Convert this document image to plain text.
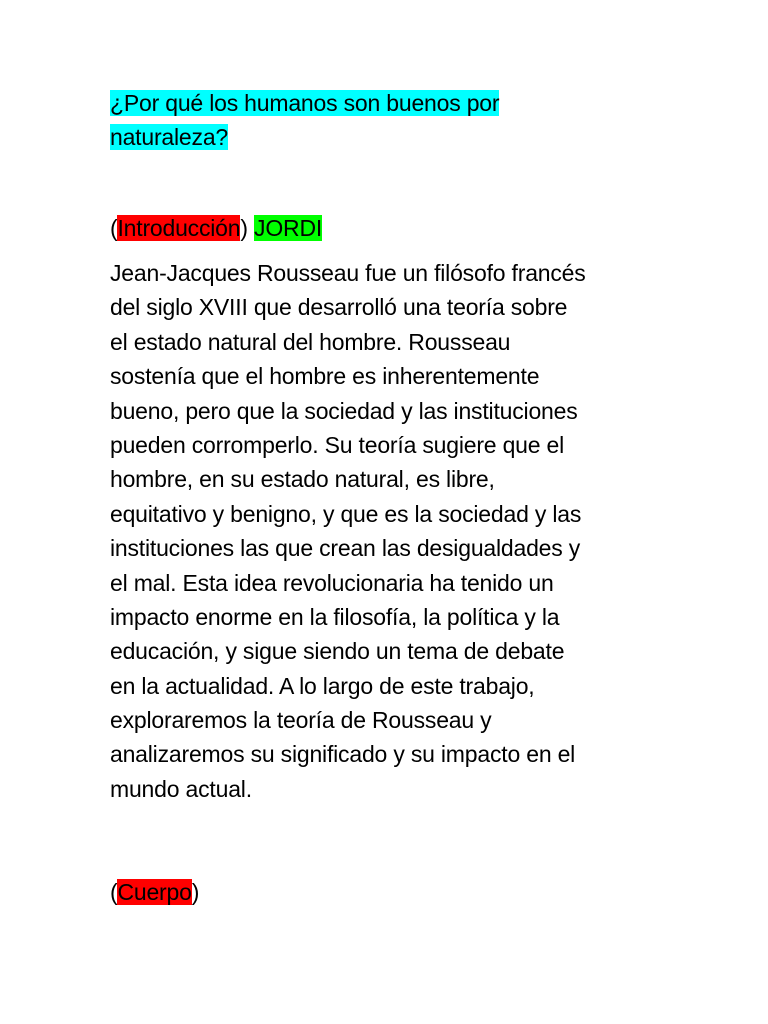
¿Por qué los humanos son buenos por
naturaleza?
(Introducción) JORDI
Jean-Jacques Rousseau fue un filósofo francés
del siglo XVIII que desarrolló una teoría sobre
el estado natural del hombre. Rousseau
sostenía que el hombre es inherentemente
bueno, pero que la sociedad y las instituciones
pueden corromperlo. Su teoría sugiere que el
hombre, en su estado natural, es libre,
equitativo y benigno, y que es la sociedad y las
instituciones las que crean las desigualdades y
el mal. Esta idea revolucionaria ha tenido un
impacto enorme en la filosofía, la política y la
educación, y sigue siendo un tema de debate
en la actualidad. A lo largo de este trabajo,
exploraremos la teoría de Rousseau y
analizaremos su significado y su impacto en el
mundo actual.
(Cuerpo)
